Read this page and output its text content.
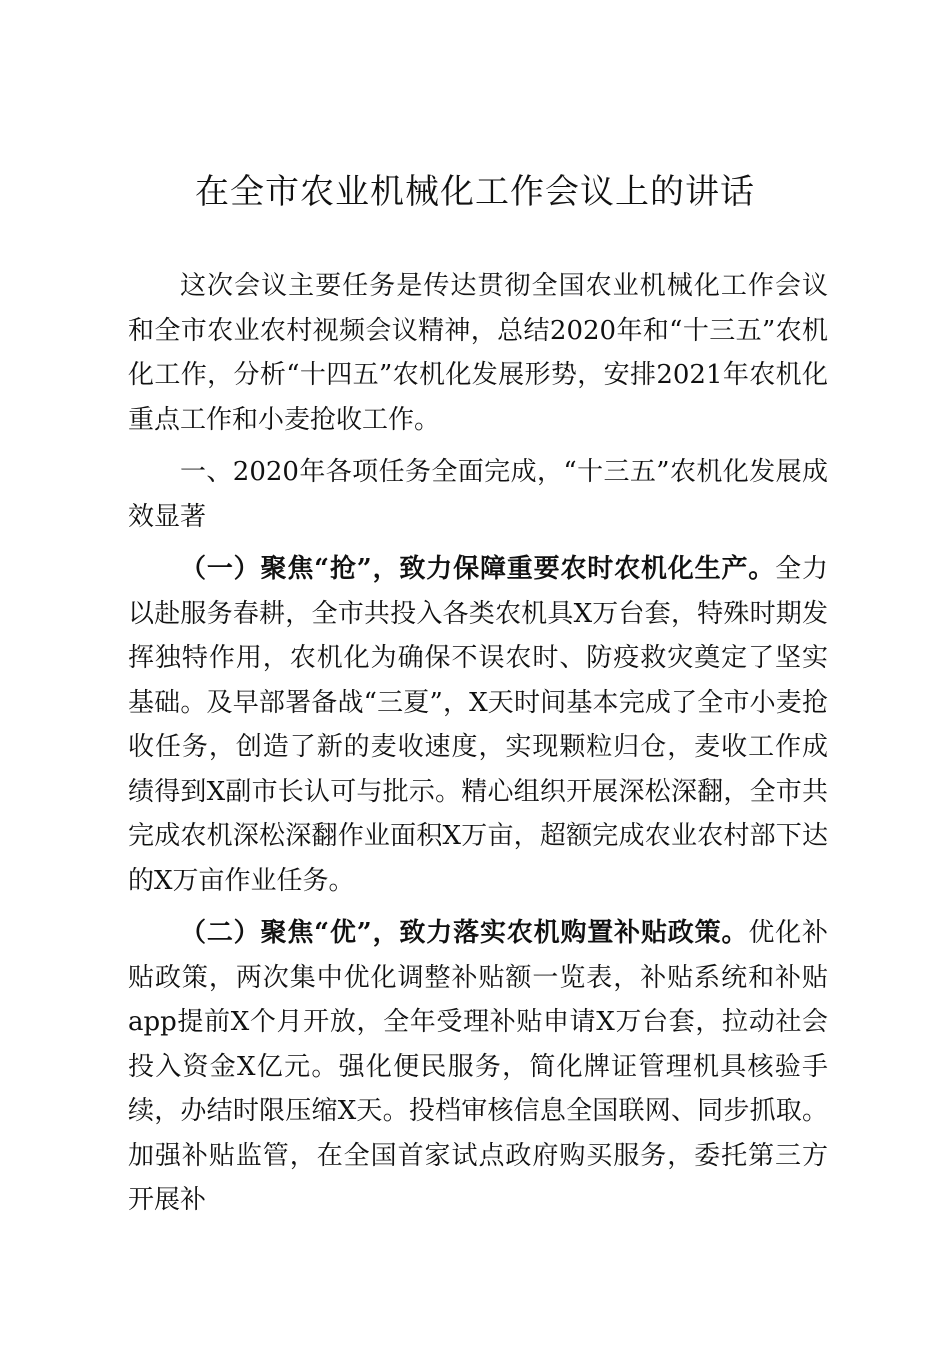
在全市农业机械化工作会议上的讲话

这次会议主要任务是传达贯彻全国农业机械化工作会议和全市农业农村视频会议精神，总结2020年和“十三五”农机化工作，分析“十四五”农机化发展形势，安排2021年农机化重点工作和小麦抢收工作。

一、2020年各项任务全面完成，“十三五”农机化发展成效显著

（一）聚焦“抢”，致力保障重要农时农机化生产。全力以赴服务春耕，全市共投入各类农机具X万台套，特殊时期发挥独特作用，农机化为确保不误农时、防疫救灾奠定了坚实基础。及早部署备战“三夏”，X天时间基本完成了全市小麦抢收任务，创造了新的麦收速度，实现颗粒归仓，麦收工作成绩得到X副市长认可与批示。精心组织开展深松深翻，全市共完成农机深松深翻作业面积X万亩，超额完成农业农村部下达的X万亩作业任务。

（二）聚焦“优”，致力落实农机购置补贴政策。优化补贴政策，两次集中优化调整补贴额一览表，补贴系统和补贴app提前X个月开放，全年受理补贴申请X万台套，拉动社会投入资金X亿元。强化便民服务，简化牌证管理机具核验手续，办结时限压缩X天。投档审核信息全国联网、同步抓取。加强补贴监管，在全国首家试点政府购买服务，委托第三方开展补
